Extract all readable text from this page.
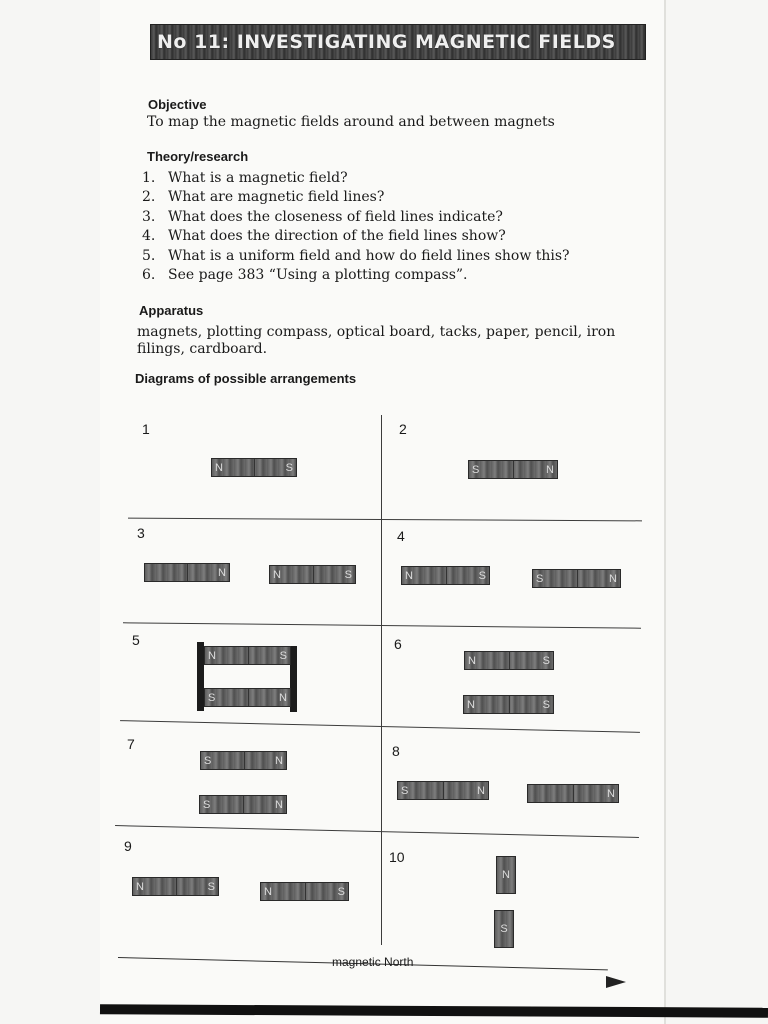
No 11: INVESTIGATING MAGNETIC FIELDS
Objective
To map the magnetic fields around and between magnets
Theory/research
1. What is a magnetic field?
2. What are magnetic field lines?
3. What does the closeness of field lines indicate?
4. What does the direction of the field lines show?
5. What is a uniform field and how do field lines show this?
6. See page 383 “Using a plotting compass”.
Apparatus
magnets, plotting compass, optical board, tacks, paper, pencil, iron filings, cardboard.
Diagrams of possible arrangements
1	2
3	4
5	6
7	8
9
10
N	S	S	N
N	N	S	N	S	S	N
N	S
S	N
N	S
N	S
S	N
S	N
S	N	N
N	S	N	S
N
S
magnetic North
